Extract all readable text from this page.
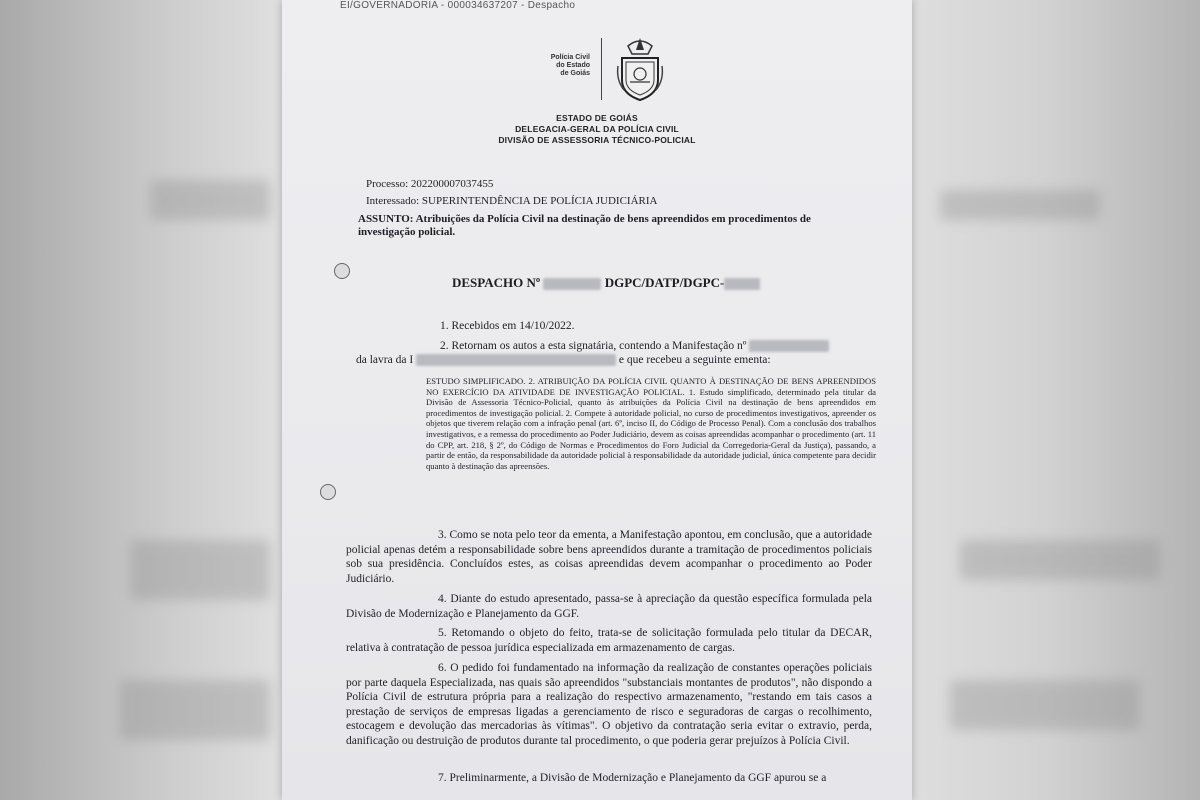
EI/GOVERNADORIA - 000034637207 - Despacho
Polícia Civil
do Estado
de Goiás
ESTADO DE GOIÁS
DELEGACIA-GERAL DA POLÍCIA CIVIL
DIVISÃO DE ASSESSORIA TÉCNICO-POLICIAL
Processo: 202200007037455
Interessado: SUPERINTENDÊNCIA DE POLÍCIA JUDICIÁRIA
ASSUNTO: Atribuições da Polícia Civil na destinação de bens apreendidos em procedimentos de investigação policial.
DESPACHO Nº	DGPC/DATP/DGPC-
1. Recebidos em 14/10/2022.
2. Retornam os autos a esta signatária, contendo a Manifestação nº
da lavra da I	e que recebeu a seguinte ementa:
ESTUDO SIMPLIFICADO. 2. ATRIBUIÇÃO DA POLÍCIA CIVIL QUANTO À DESTINAÇÃO DE BENS APREENDIDOS NO EXERCÍCIO DA ATIVIDADE DE INVESTIGAÇÃO POLICIAL. 1. Estudo simplificado, determinado pela titular da Divisão de Assessoria Técnico-Policial, quanto às atribuições da Polícia Civil na destinação de bens apreendidos em procedimentos de investigação policial. 2. Compete à autoridade policial, no curso de procedimentos investigativos, apreender os objetos que tiverem relação com a infração penal (art. 6º, inciso II, do Código de Processo Penal). Com a conclusão dos trabalhos investigativos, e a remessa do procedimento ao Poder Judiciário, devem as coisas apreendidas acompanhar o procedimento (art. 11 do CPP, art. 218, § 2º, do Código de Normas e Procedimentos do Foro Judicial da Corregedoria-Geral da Justiça), passando, a partir de então, da responsabilidade da autoridade policial à responsabilidade da autoridade judicial, única competente para decidir quanto à destinação das apreensões.
3. Como se nota pelo teor da ementa, a Manifestação apontou, em conclusão, que a autoridade policial apenas detém a responsabilidade sobre bens apreendidos durante a tramitação de procedimentos policiais sob sua presidência. Concluídos estes, as coisas apreendidas devem acompanhar o procedimento ao Poder Judiciário.
4. Diante do estudo apresentado, passa-se à apreciação da questão específica formulada pela Divisão de Modernização e Planejamento da GGF.
5. Retomando o objeto do feito, trata-se de solicitação formulada pelo titular da DECAR, relativa à contratação de pessoa jurídica especializada em armazenamento de cargas.
6. O pedido foi fundamentado na informação da realização de constantes operações policiais por parte daquela Especializada, nas quais são apreendidos "substanciais montantes de produtos", não dispondo a Polícia Civil de estrutura própria para a realização do respectivo armazenamento, "restando em tais casos a prestação de serviços de empresas ligadas a gerenciamento de risco e seguradoras de cargas o recolhimento, estocagem e devolução das mercadorias às vítimas". O objetivo da contratação seria evitar o extravio, perda, danificação ou destruição de produtos durante tal procedimento, o que poderia gerar prejuízos à Polícia Civil.
7. Preliminarmente, a Divisão de Modernização e Planejamento da GGF apurou se a
